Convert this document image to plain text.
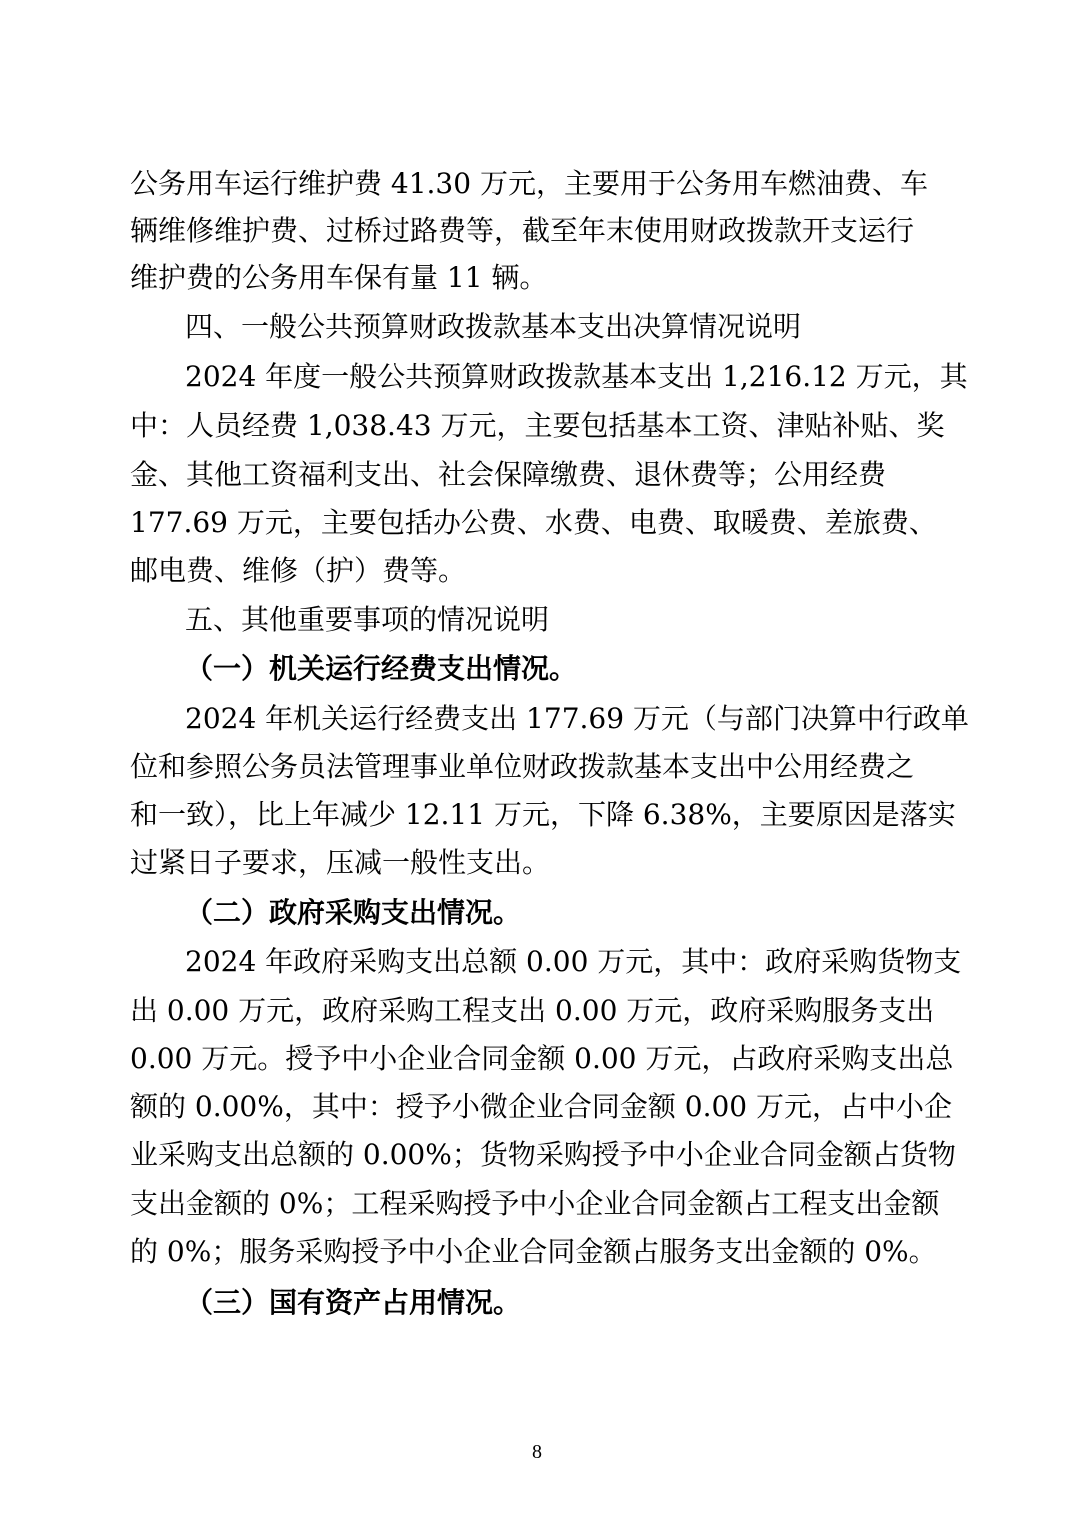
公务用车运行维护费 41.30 万元，主要用于公务用车燃油费、车
辆维修维护费、过桥过路费等，截至年末使用财政拨款开支运行
维护费的公务用车保有量 11 辆。
四、一般公共预算财政拨款基本支出决算情况说明
2024 年度一般公共预算财政拨款基本支出 1,216.12 万元，其
中：人员经费 1,038.43 万元，主要包括基本工资、津贴补贴、奖
金、其他工资福利支出、社会保障缴费、退休费等；公用经费
177.69 万元，主要包括办公费、水费、电费、取暖费、差旅费、
邮电费、维修（护）费等。
五、其他重要事项的情况说明
（一）机关运行经费支出情况。
2024 年机关运行经费支出 177.69 万元（与部门决算中行政单
位和参照公务员法管理事业单位财政拨款基本支出中公用经费之
和一致），比上年减少 12.11 万元，下降 6.38%，主要原因是落实
过紧日子要求，压减一般性支出。
（二）政府采购支出情况。
2024 年政府采购支出总额 0.00 万元，其中：政府采购货物支
出 0.00 万元，政府采购工程支出 0.00 万元，政府采购服务支出
0.00 万元。授予中小企业合同金额 0.00 万元，占政府采购支出总
额的 0.00%，其中：授予小微企业合同金额 0.00 万元，占中小企
业采购支出总额的 0.00%；货物采购授予中小企业合同金额占货物
支出金额的 0%；工程采购授予中小企业合同金额占工程支出金额
的 0%；服务采购授予中小企业合同金额占服务支出金额的 0%。
（三）国有资产占用情况。
8
